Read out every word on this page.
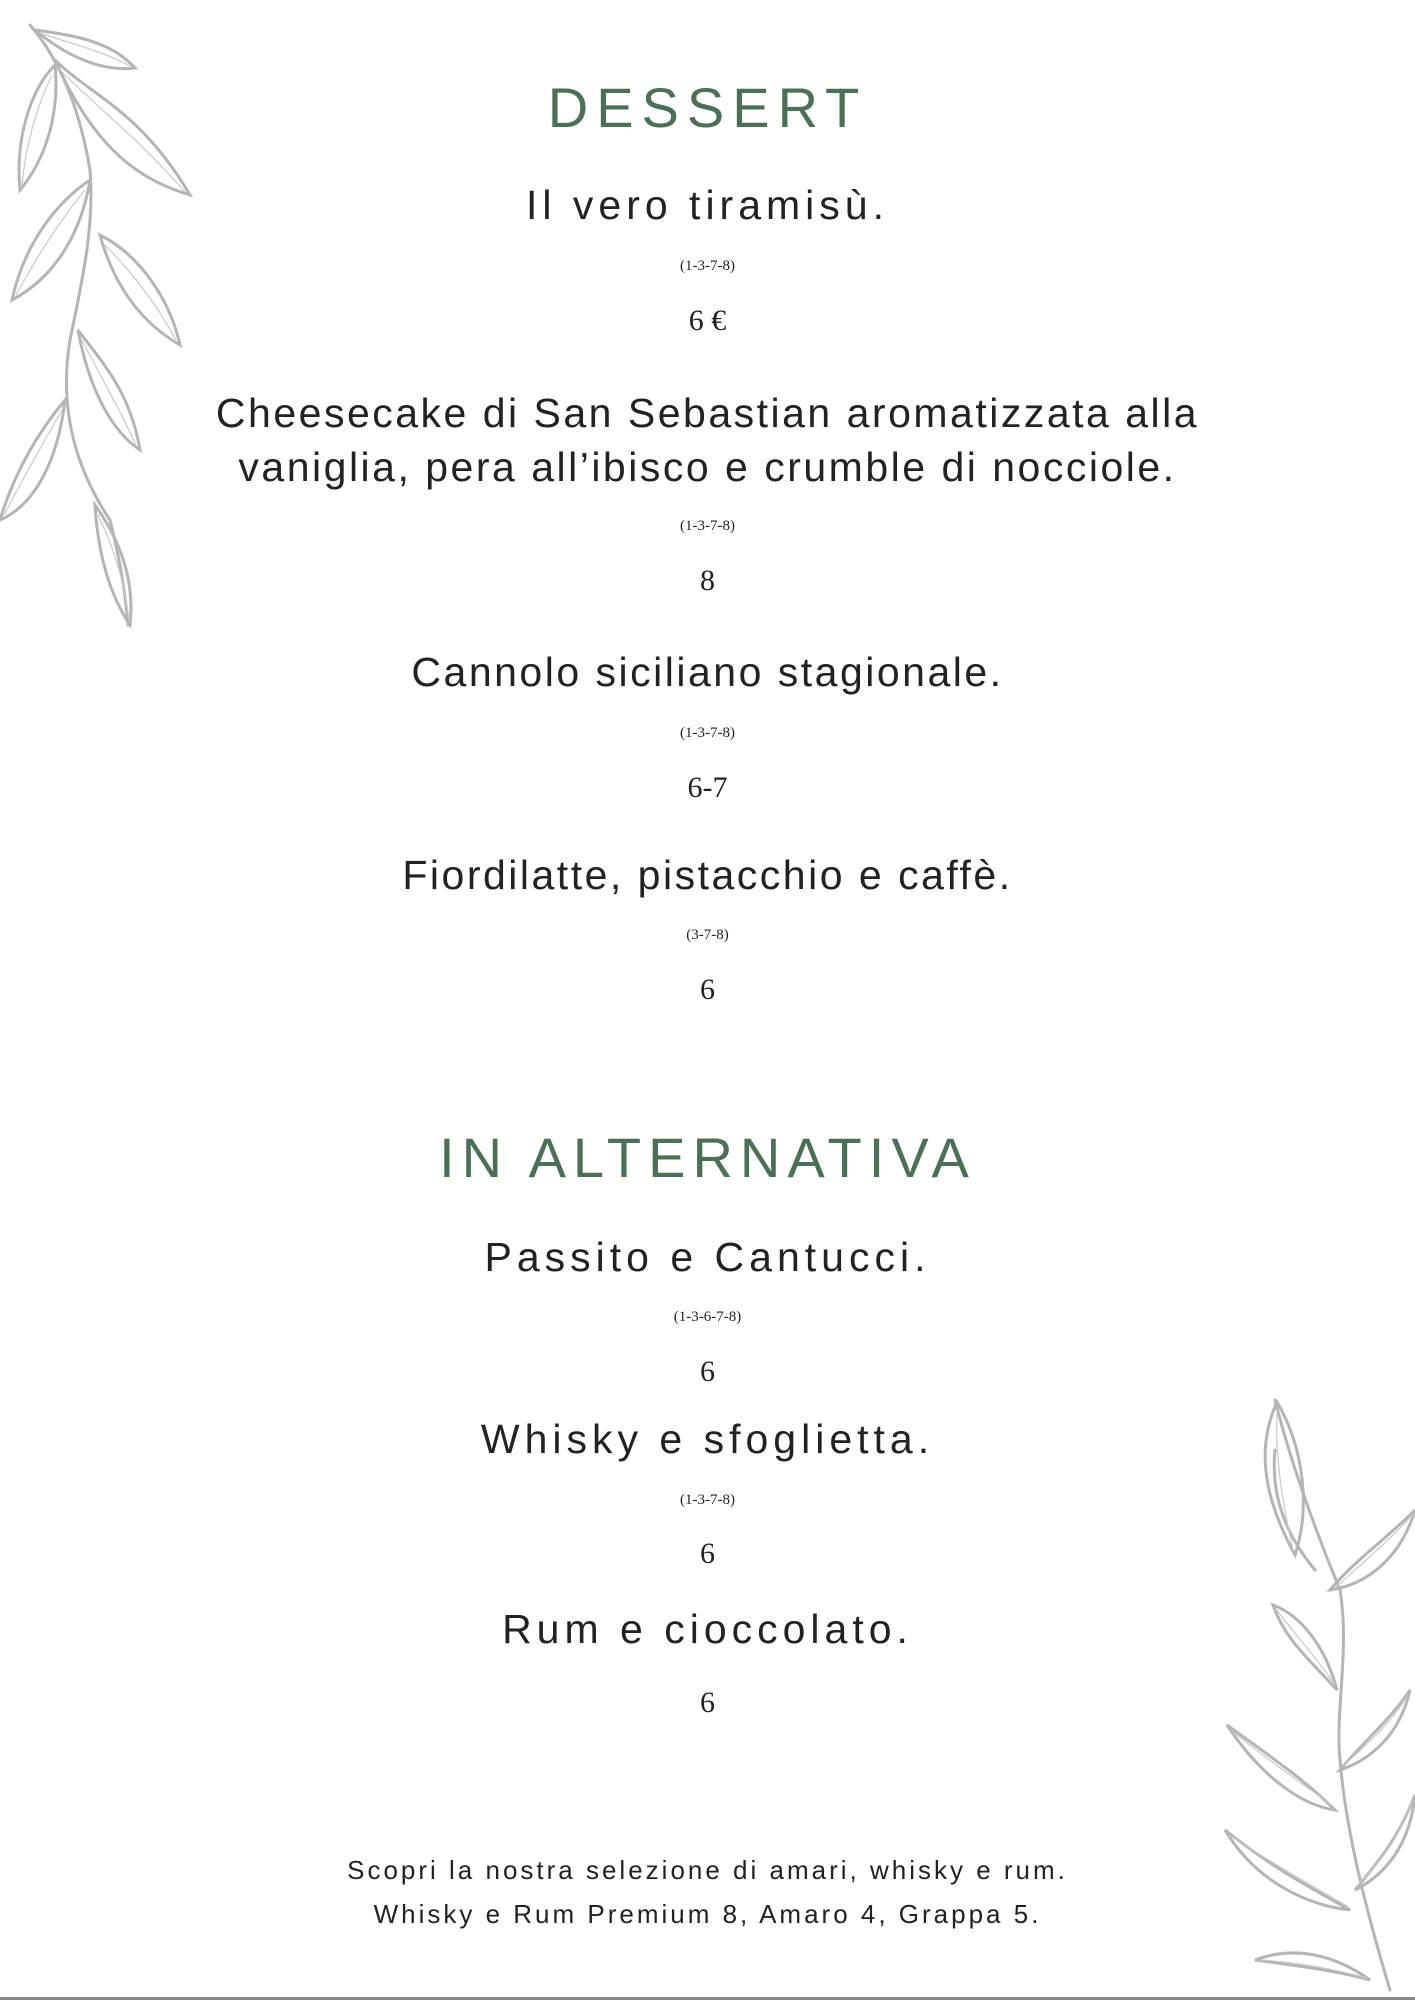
DESSERT
Il vero tiramisù.
(1-3-7-8)
6 €
Cheesecake di San Sebastian aromatizzata alla
vaniglia, pera all’ibisco e crumble di nocciole.
(1-3-7-8)
8
Cannolo siciliano stagionale.
(1-3-7-8)
6-7
Fiordilatte, pistacchio e caffè.
(3-7-8)
6
IN ALTERNATIVA
Passito e Cantucci.
(1-3-6-7-8)
6
Whisky e sfoglietta.
(1-3-7-8)
6
Rum e cioccolato.
6
Scopri la nostra selezione di amari, whisky e rum.
Whisky e Rum Premium 8, Amaro 4, Grappa 5.
